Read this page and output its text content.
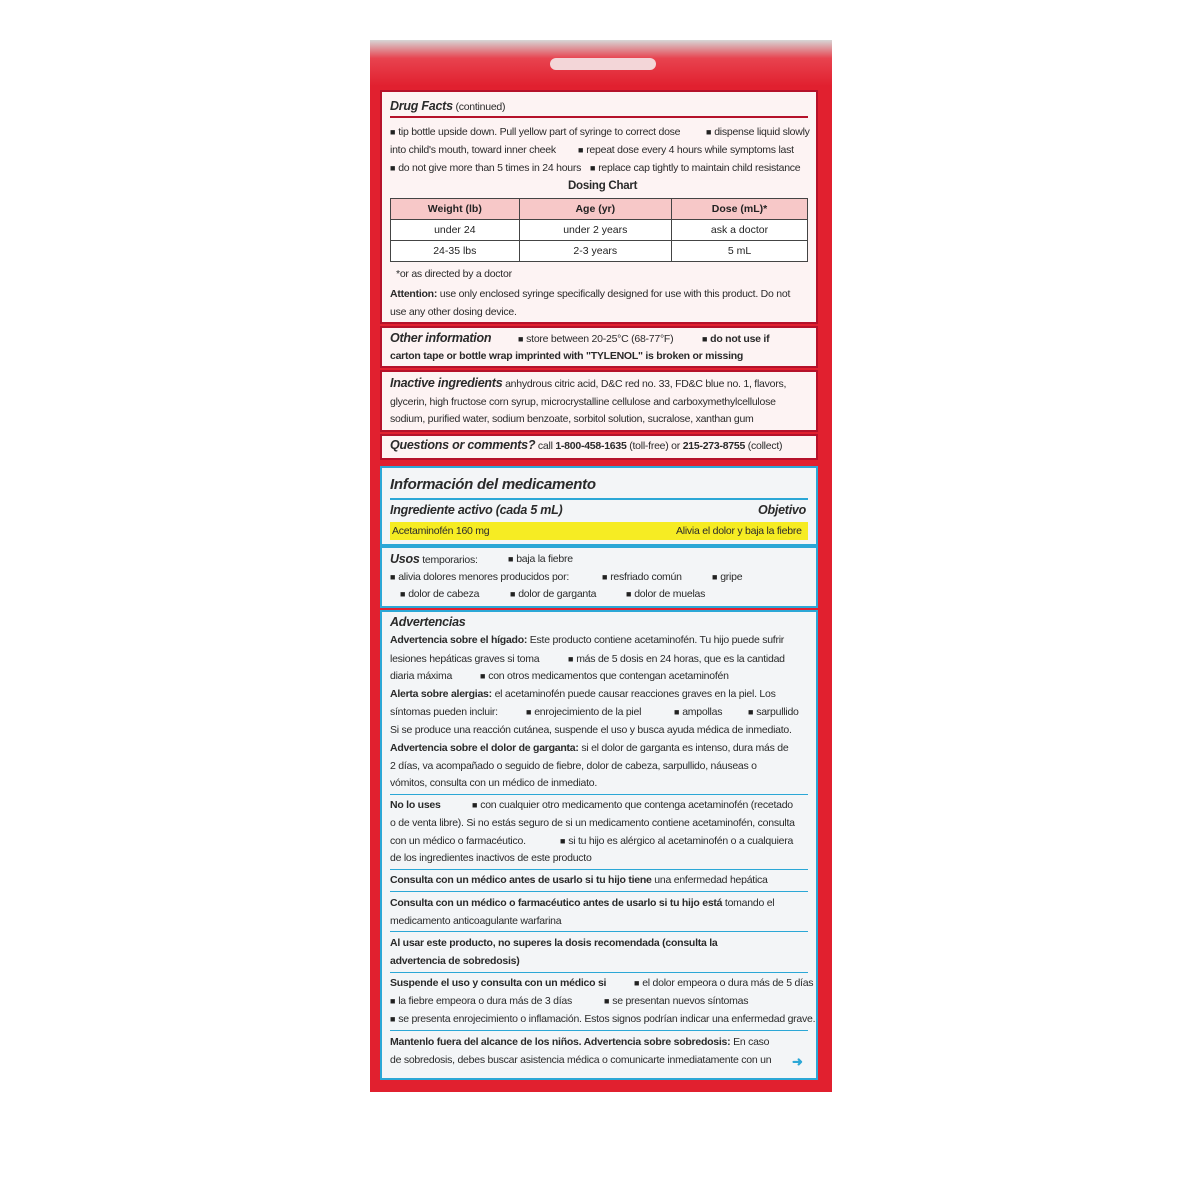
Drug Facts (continued)
■ tip bottle upside down. Pull yellow part of syringe to correct dose	■ dispense liquid slowly
into child's mouth, toward inner cheek	■ repeat dose every 4 hours while symptoms last
■ do not give more than 5 times in 24 hours	■ replace cap tightly to maintain child resistance
Dosing Chart
Weight (lb)	Age (yr)	Dose (mL)*
under 24	under 2 years	ask a doctor
24-35 lbs	2-3 years	5 mL
*or as directed by a doctor
Attention: use only enclosed syringe specifically designed for use with this product. Do not
use any other dosing device.
Other information	■ store between 20-25°C (68-77°F)	■ do not use if
carton tape or bottle wrap imprinted with "TYLENOL" is broken or missing
Inactive ingredients anhydrous citric acid, D&C red no. 33, FD&C blue no. 1, flavors,
glycerin, high fructose corn syrup, microcrystalline cellulose and carboxymethylcellulose
sodium, purified water, sodium benzoate, sorbitol solution, sucralose, xanthan gum
Questions or comments? call 1-800-458-1635 (toll-free) or 215-273-8755 (collect)
Información del medicamento
Ingrediente activo (cada 5 mL)	Objetivo
Acetaminofén 160 mg	Alivia el dolor y baja la fiebre
Usos temporarios:	■ baja la fiebre
■ alivia dolores menores producidos por:	■ resfriado común	■ gripe
■ dolor de cabeza	■ dolor de garganta	■ dolor de muelas
Advertencias
Advertencia sobre el hígado: Este producto contiene acetaminofén. Tu hijo puede sufrir
lesiones hepáticas graves si toma	■ más de 5 dosis en 24 horas, que es la cantidad
diaria máxima	■ con otros medicamentos que contengan acetaminofén
Alerta sobre alergias: el acetaminofén puede causar reacciones graves en la piel. Los
síntomas pueden incluir:	■ enrojecimiento de la piel	■ ampollas	■ sarpullido
Si se produce una reacción cutánea, suspende el uso y busca ayuda médica de inmediato.
Advertencia sobre el dolor de garganta: si el dolor de garganta es intenso, dura más de
2 días, va acompañado o seguido de fiebre, dolor de cabeza, sarpullido, náuseas o
vómitos, consulta con un médico de inmediato.
No lo uses	■ con cualquier otro medicamento que contenga acetaminofén (recetado
o de venta libre). Si no estás seguro de si un medicamento contiene acetaminofén, consulta
con un médico o farmacéutico.	■ si tu hijo es alérgico al acetaminofén o a cualquiera
de los ingredientes inactivos de este producto
Consulta con un médico antes de usarlo si tu hijo tiene una enfermedad hepática
Consulta con un médico o farmacéutico antes de usarlo si tu hijo está tomando el
medicamento anticoagulante warfarina
Al usar este producto, no superes la dosis recomendada (consulta la
advertencia de sobredosis)
Suspende el uso y consulta con un médico si	■ el dolor empeora o dura más de 5 días
■ la fiebre empeora o dura más de 3 días	■ se presentan nuevos síntomas
■ se presenta enrojecimiento o inflamación. Estos signos podrían indicar una enfermedad grave.
Mantenlo fuera del alcance de los niños. Advertencia sobre sobredosis: En caso
de sobredosis, debes buscar asistencia médica o comunicarte inmediatamente con un ➜
